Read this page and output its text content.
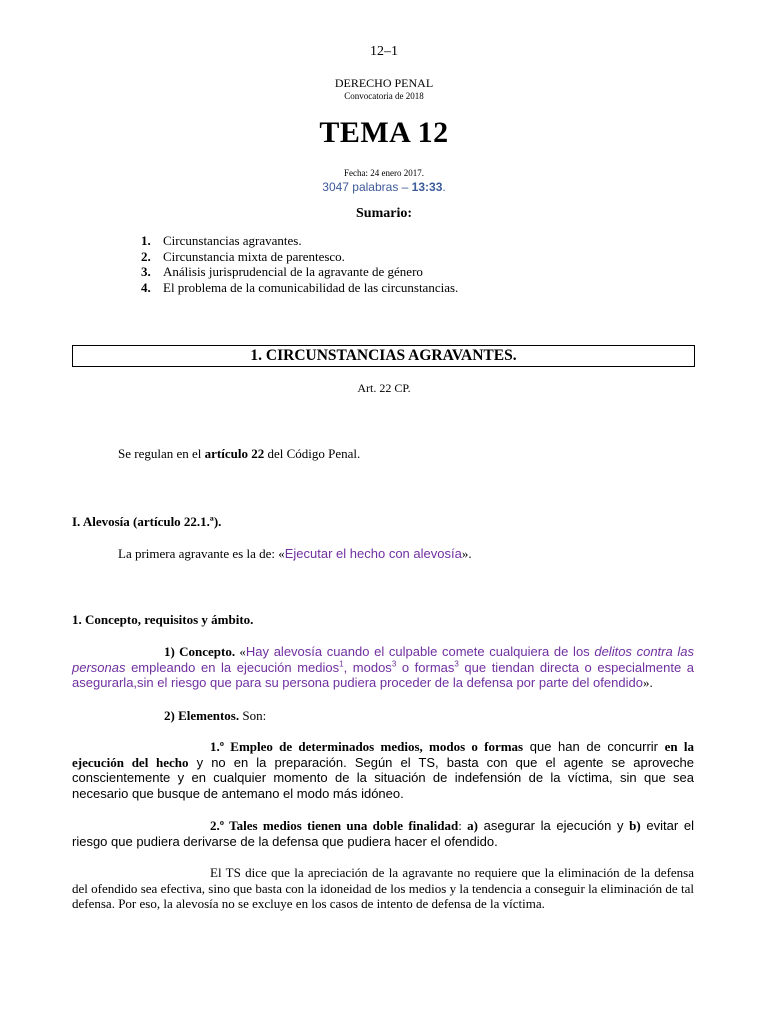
12–1
DERECHO PENAL
Convocatoria de 2018
TEMA 12
Fecha: 24 enero 2017.
3047 palabras – 13:33.
Sumario:
1. Circunstancias agravantes.
2. Circunstancia mixta de parentesco.
3. Análisis jurisprudencial de la agravante de género
4. El problema de la comunicabilidad de las circunstancias.
1. CIRCUNSTANCIAS AGRAVANTES.
Art. 22 CP.
Se regulan en el artículo 22 del Código Penal.
I. Alevosía (artículo 22.1.ª).
La primera agravante es la de: «Ejecutar el hecho con alevosía».
1. Concepto, requisitos y ámbito.
1) Concepto. «Hay alevosía cuando el culpable comete cualquiera de los delitos contra las personas empleando en la ejecución medios$^1$, modos$^3$ o formas$^3$ que tiendan directa o especialmente a asegurarla,sin el riesgo que para su persona pudiera proceder de la defensa por parte del ofendido».
2) Elementos. Son:
1.º Empleo de determinados medios, modos o formas que han de concurrir en la ejecución del hecho y no en la preparación. Según el TS, basta con que el agente se aproveche conscientemente y en cualquier momento de la situación de indefensión de la víctima, sin que sea necesario que busque de antemano el modo más idóneo.
2.º Tales medios tienen una doble finalidad: a) asegurar la ejecución y b) evitar el riesgo que pudiera derivarse de la defensa que pudiera hacer el ofendido.
El TS dice que la apreciación de la agravante no requiere que la eliminación de la defensa del ofendido sea efectiva, sino que basta con la idoneidad de los medios y la tendencia a conseguir la eliminación de tal defensa. Por eso, la alevosía no se excluye en los casos de intento de defensa de la víctima.
